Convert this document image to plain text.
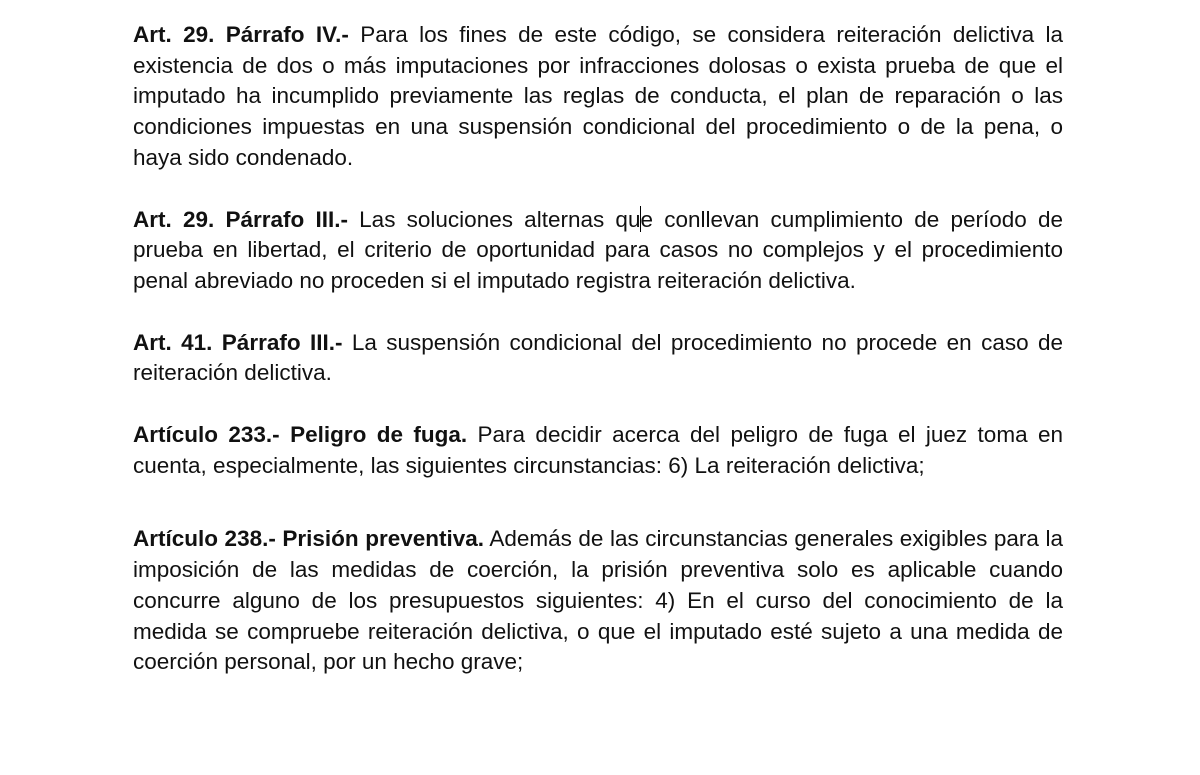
Art. 29. Párrafo IV.- Para los fines de este código, se considera reiteración delictiva la existencia de dos o más imputaciones por infracciones dolosas o exista prueba de que el imputado ha incumplido previamente las reglas de conducta, el plan de reparación o las condiciones impuestas en una suspensión condicional del procedimiento o de la pena, o haya sido condenado.

Art. 29. Párrafo III.- Las soluciones alternas que conllevan cumplimiento de período de prueba en libertad, el criterio de oportunidad para casos no complejos y el procedimiento penal abreviado no proceden si el imputado registra reiteración delictiva.

Art. 41. Párrafo III.- La suspensión condicional del procedimiento no procede en caso de reiteración delictiva.

Artículo 233.- Peligro de fuga. Para decidir acerca del peligro de fuga el juez toma en cuenta, especialmente, las siguientes circunstancias: 6) La reiteración delictiva;

Artículo 238.- Prisión preventiva. Además de las circunstancias generales exigibles para la imposición de las medidas de coerción, la prisión preventiva solo es aplicable cuando concurre alguno de los presupuestos siguientes: 4) En el curso del conocimiento de la medida se compruebe reiteración delictiva, o que el imputado esté sujeto a una medida de coerción personal, por un hecho grave;
